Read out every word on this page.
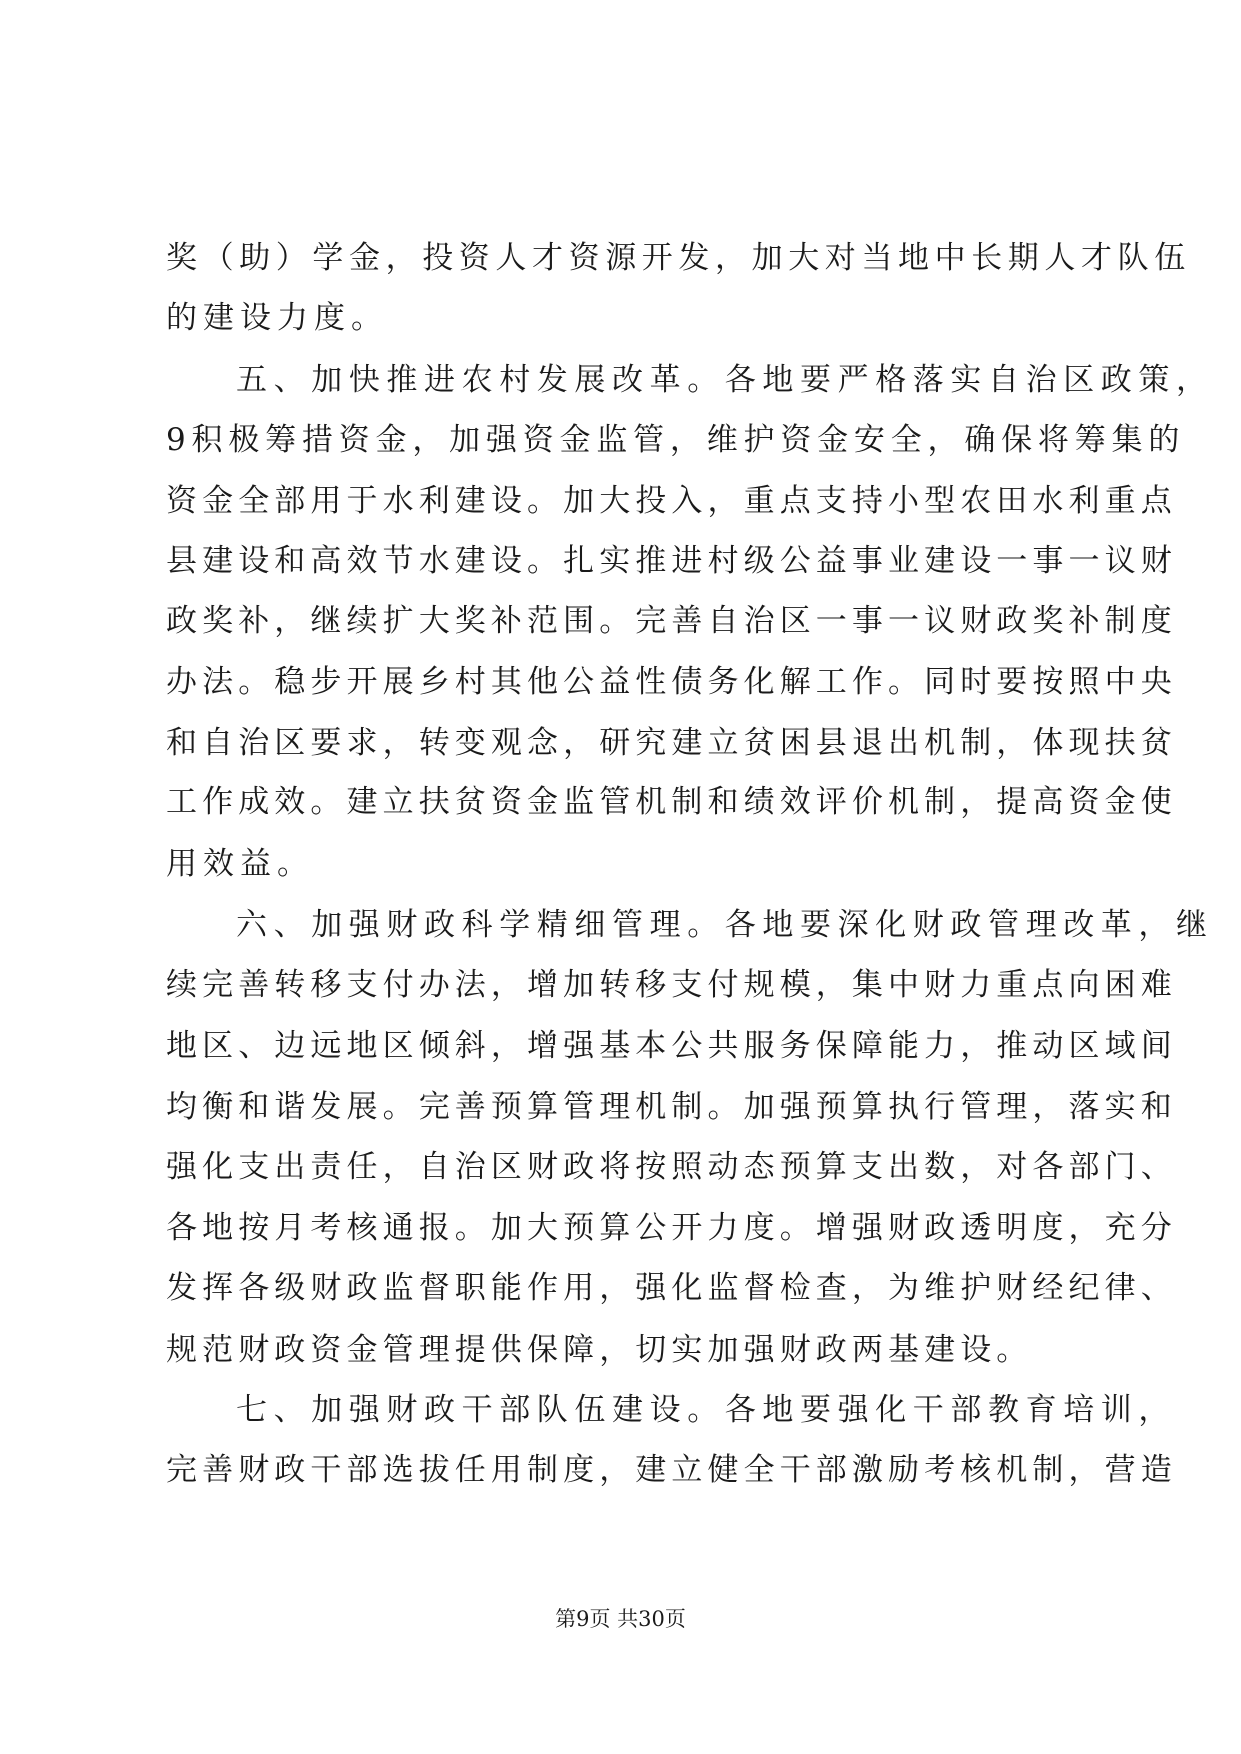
奖（助）学金，投资人才资源开发，加大对当地中长期人才队伍
的建设力度。
五、加快推进农村发展改革。各地要严格落实自治区政策，
9积极筹措资金，加强资金监管，维护资金安全，确保将筹集的
资金全部用于水利建设。加大投入，重点支持小型农田水利重点
县建设和高效节水建设。扎实推进村级公益事业建设一事一议财
政奖补，继续扩大奖补范围。完善自治区一事一议财政奖补制度
办法。稳步开展乡村其他公益性债务化解工作。同时要按照中央
和自治区要求，转变观念，研究建立贫困县退出机制，体现扶贫
工作成效。建立扶贫资金监管机制和绩效评价机制，提高资金使
用效益。
六、加强财政科学精细管理。各地要深化财政管理改革，继
续完善转移支付办法，增加转移支付规模，集中财力重点向困难
地区、边远地区倾斜，增强基本公共服务保障能力，推动区域间
均衡和谐发展。完善预算管理机制。加强预算执行管理，落实和
强化支出责任，自治区财政将按照动态预算支出数，对各部门、
各地按月考核通报。加大预算公开力度。增强财政透明度，充分
发挥各级财政监督职能作用，强化监督检查，为维护财经纪律、
规范财政资金管理提供保障，切实加强财政两基建设。
七、加强财政干部队伍建设。各地要强化干部教育培训，
完善财政干部选拔任用制度，建立健全干部激励考核机制，营造
第9页 共30页
